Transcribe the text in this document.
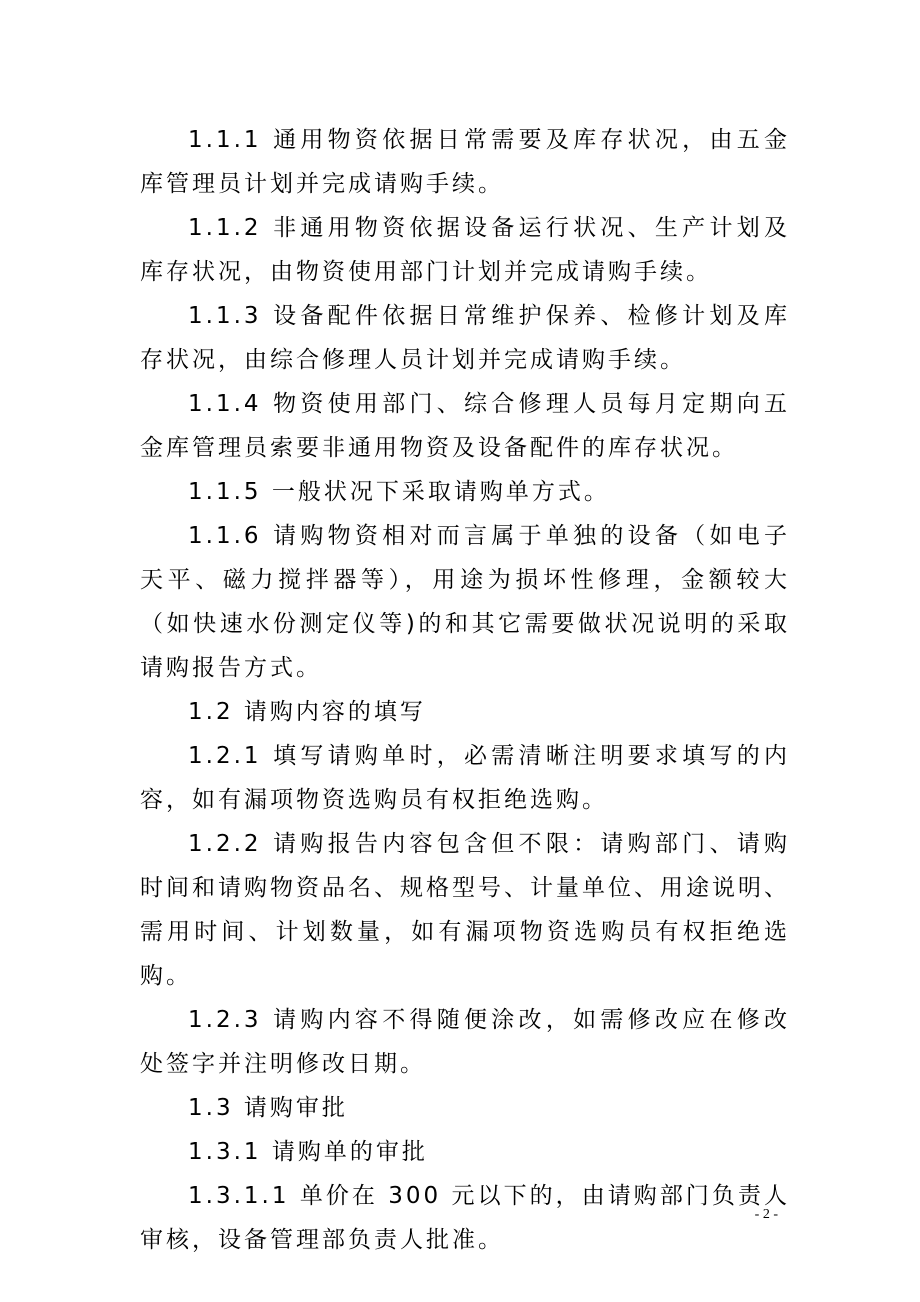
1.1.1 通用物资依据日常需要及库存状况，由五金库管理员计划并完成请购手续。

1.1.2 非通用物资依据设备运行状况、生产计划及库存状况，由物资使用部门计划并完成请购手续。

1.1.3 设备配件依据日常维护保养、检修计划及库存状况，由综合修理人员计划并完成请购手续。

1.1.4 物资使用部门、综合修理人员每月定期向五金库管理员索要非通用物资及设备配件的库存状况。

1.1.5 一般状况下采取请购单方式。

1.1.6 请购物资相对而言属于单独的设备（如电子天平、磁力搅拌器等），用途为损坏性修理，金额较大（如快速水份测定仪等)的和其它需要做状况说明的采取请购报告方式。

1.2 请购内容的填写

1.2.1 填写请购单时，必需清晰注明要求填写的内容，如有漏项物资选购员有权拒绝选购。

1.2.2 请购报告内容包含但不限：请购部门、请购时间和请购物资品名、规格型号、计量单位、用途说明、需用时间、计划数量，如有漏项物资选购员有权拒绝选购。

1.2.3 请购内容不得随便涂改，如需修改应在修改处签字并注明修改日期。

1.3 请购审批

1.3.1 请购单的审批

1.3.1.1 单价在 300 元以下的，由请购部门负责人审核，设备管理部负责人批准。

- 2 -
